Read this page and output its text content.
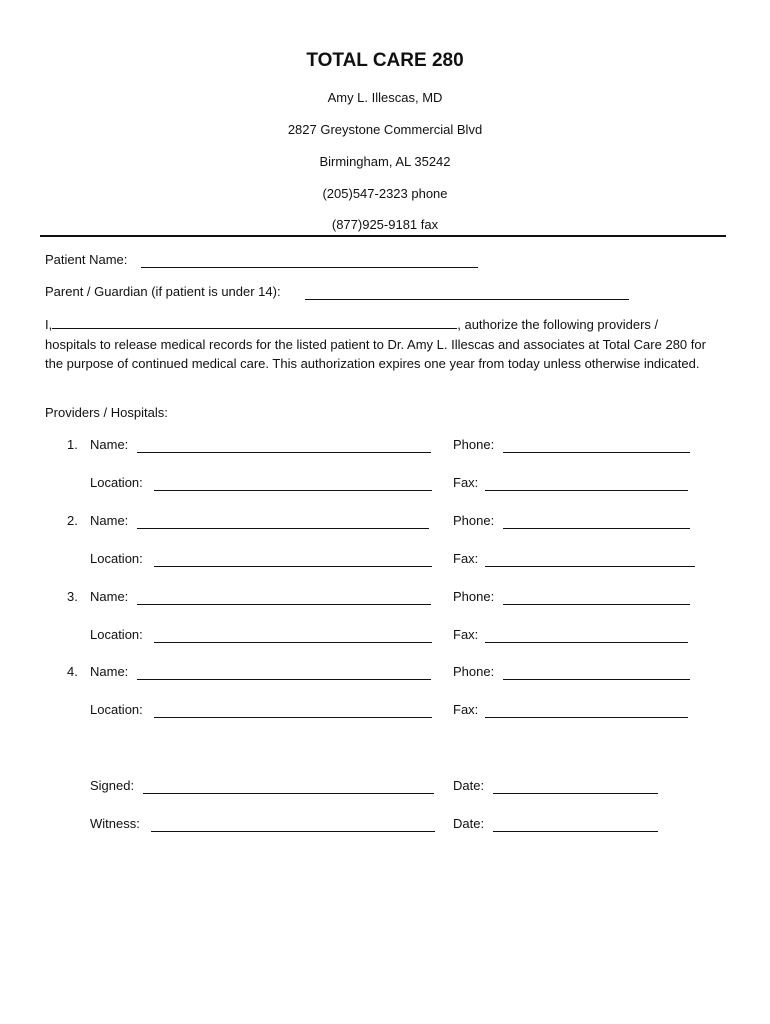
TOTAL CARE 280
Amy L. Illescas, MD
2827 Greystone Commercial Blvd
Birmingham, AL 35242
(205)547-2323 phone
(877)925-9181 fax
Patient Name:
Parent / Guardian (if patient is under 14):
I,	, authorize the following providers / hospitals to release medical records for the listed patient to Dr. Amy L. Illescas and associates at Total Care 280 for the purpose of continued medical care. This authorization expires one year from today unless otherwise indicated.
Providers / Hospitals:
1. Name:	Phone:
Location:	Fax:
2. Name:	Phone:
Location:	Fax:
3. Name:	Phone:
Location:	Fax:
4. Name:	Phone:
Location:	Fax:
Signed:	Date:
Witness:	Date:
